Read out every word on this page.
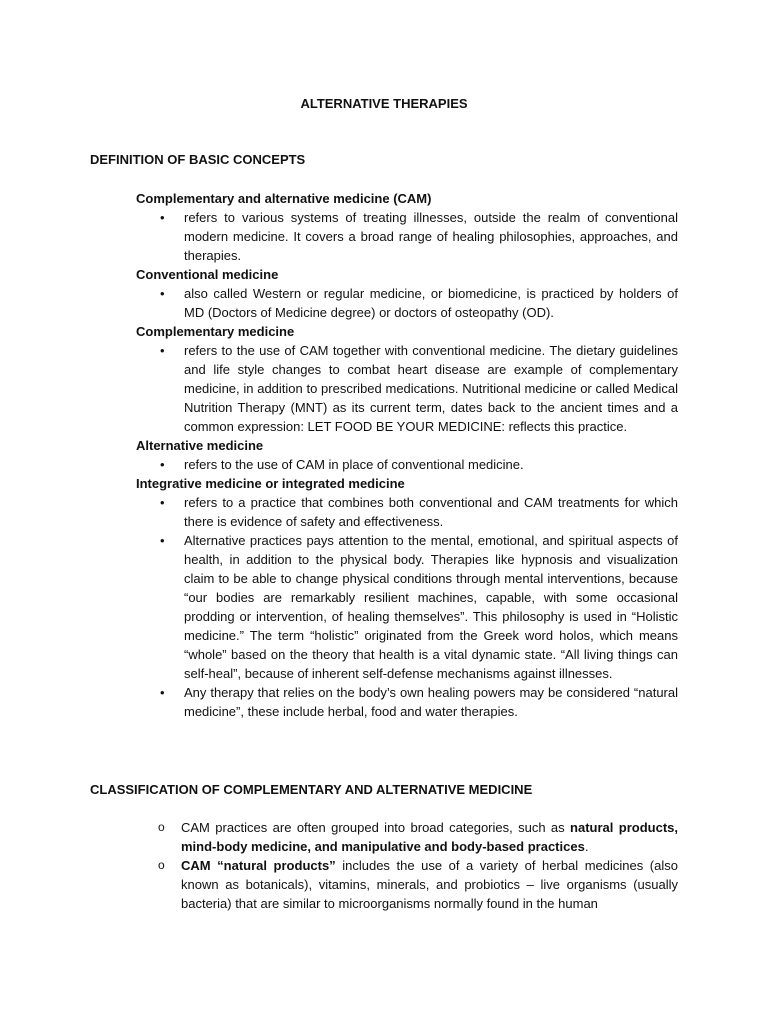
ALTERNATIVE THERAPIES
DEFINITION OF BASIC CONCEPTS

Complementary and alternative medicine (CAM)

• refers to various systems of treating illnesses, outside the realm of conventional modern medicine. It covers a broad range of healing philosophies, approaches, and therapies.

Conventional medicine

• also called Western or regular medicine, or biomedicine, is practiced by holders of MD (Doctors of Medicine degree) or doctors of osteopathy (OD).

Complementary medicine

• refers to the use of CAM together with conventional medicine. The dietary guidelines and life style changes to combat heart disease are example of complementary medicine, in addition to prescribed medications. Nutritional medicine or called Medical Nutrition Therapy (MNT) as its current term, dates back to the ancient times and a common expression: LET FOOD BE YOUR MEDICINE: reflects this practice.

Alternative medicine

• refers to the use of CAM in place of conventional medicine.

Integrative medicine or integrated medicine

• refers to a practice that combines both conventional and CAM treatments for which there is evidence of safety and effectiveness.
• Alternative practices pays attention to the mental, emotional, and spiritual aspects of health, in addition to the physical body. Therapies like hypnosis and visualization claim to be able to change physical conditions through mental interventions, because “our bodies are remarkably resilient machines, capable, with some occasional prodding or intervention, of healing themselves”. This philosophy is used in “Holistic medicine.” The term “holistic” originated from the Greek word holos, which means “whole” based on the theory that health is a vital dynamic state. “All living things can self-heal”, because of inherent self-defense mechanisms against illnesses.
• Any therapy that relies on the body’s own healing powers may be considered “natural medicine”, these include herbal, food and water therapies.
CLASSIFICATION OF COMPLEMENTARY AND ALTERNATIVE MEDICINE
o CAM practices are often grouped into broad categories, such as natural products, mind-body medicine, and manipulative and body-based practices.
o CAM “natural products” includes the use of a variety of herbal medicines (also known as botanicals), vitamins, minerals, and probiotics – live organisms (usually bacteria) that are similar to microorganisms normally found in the human
